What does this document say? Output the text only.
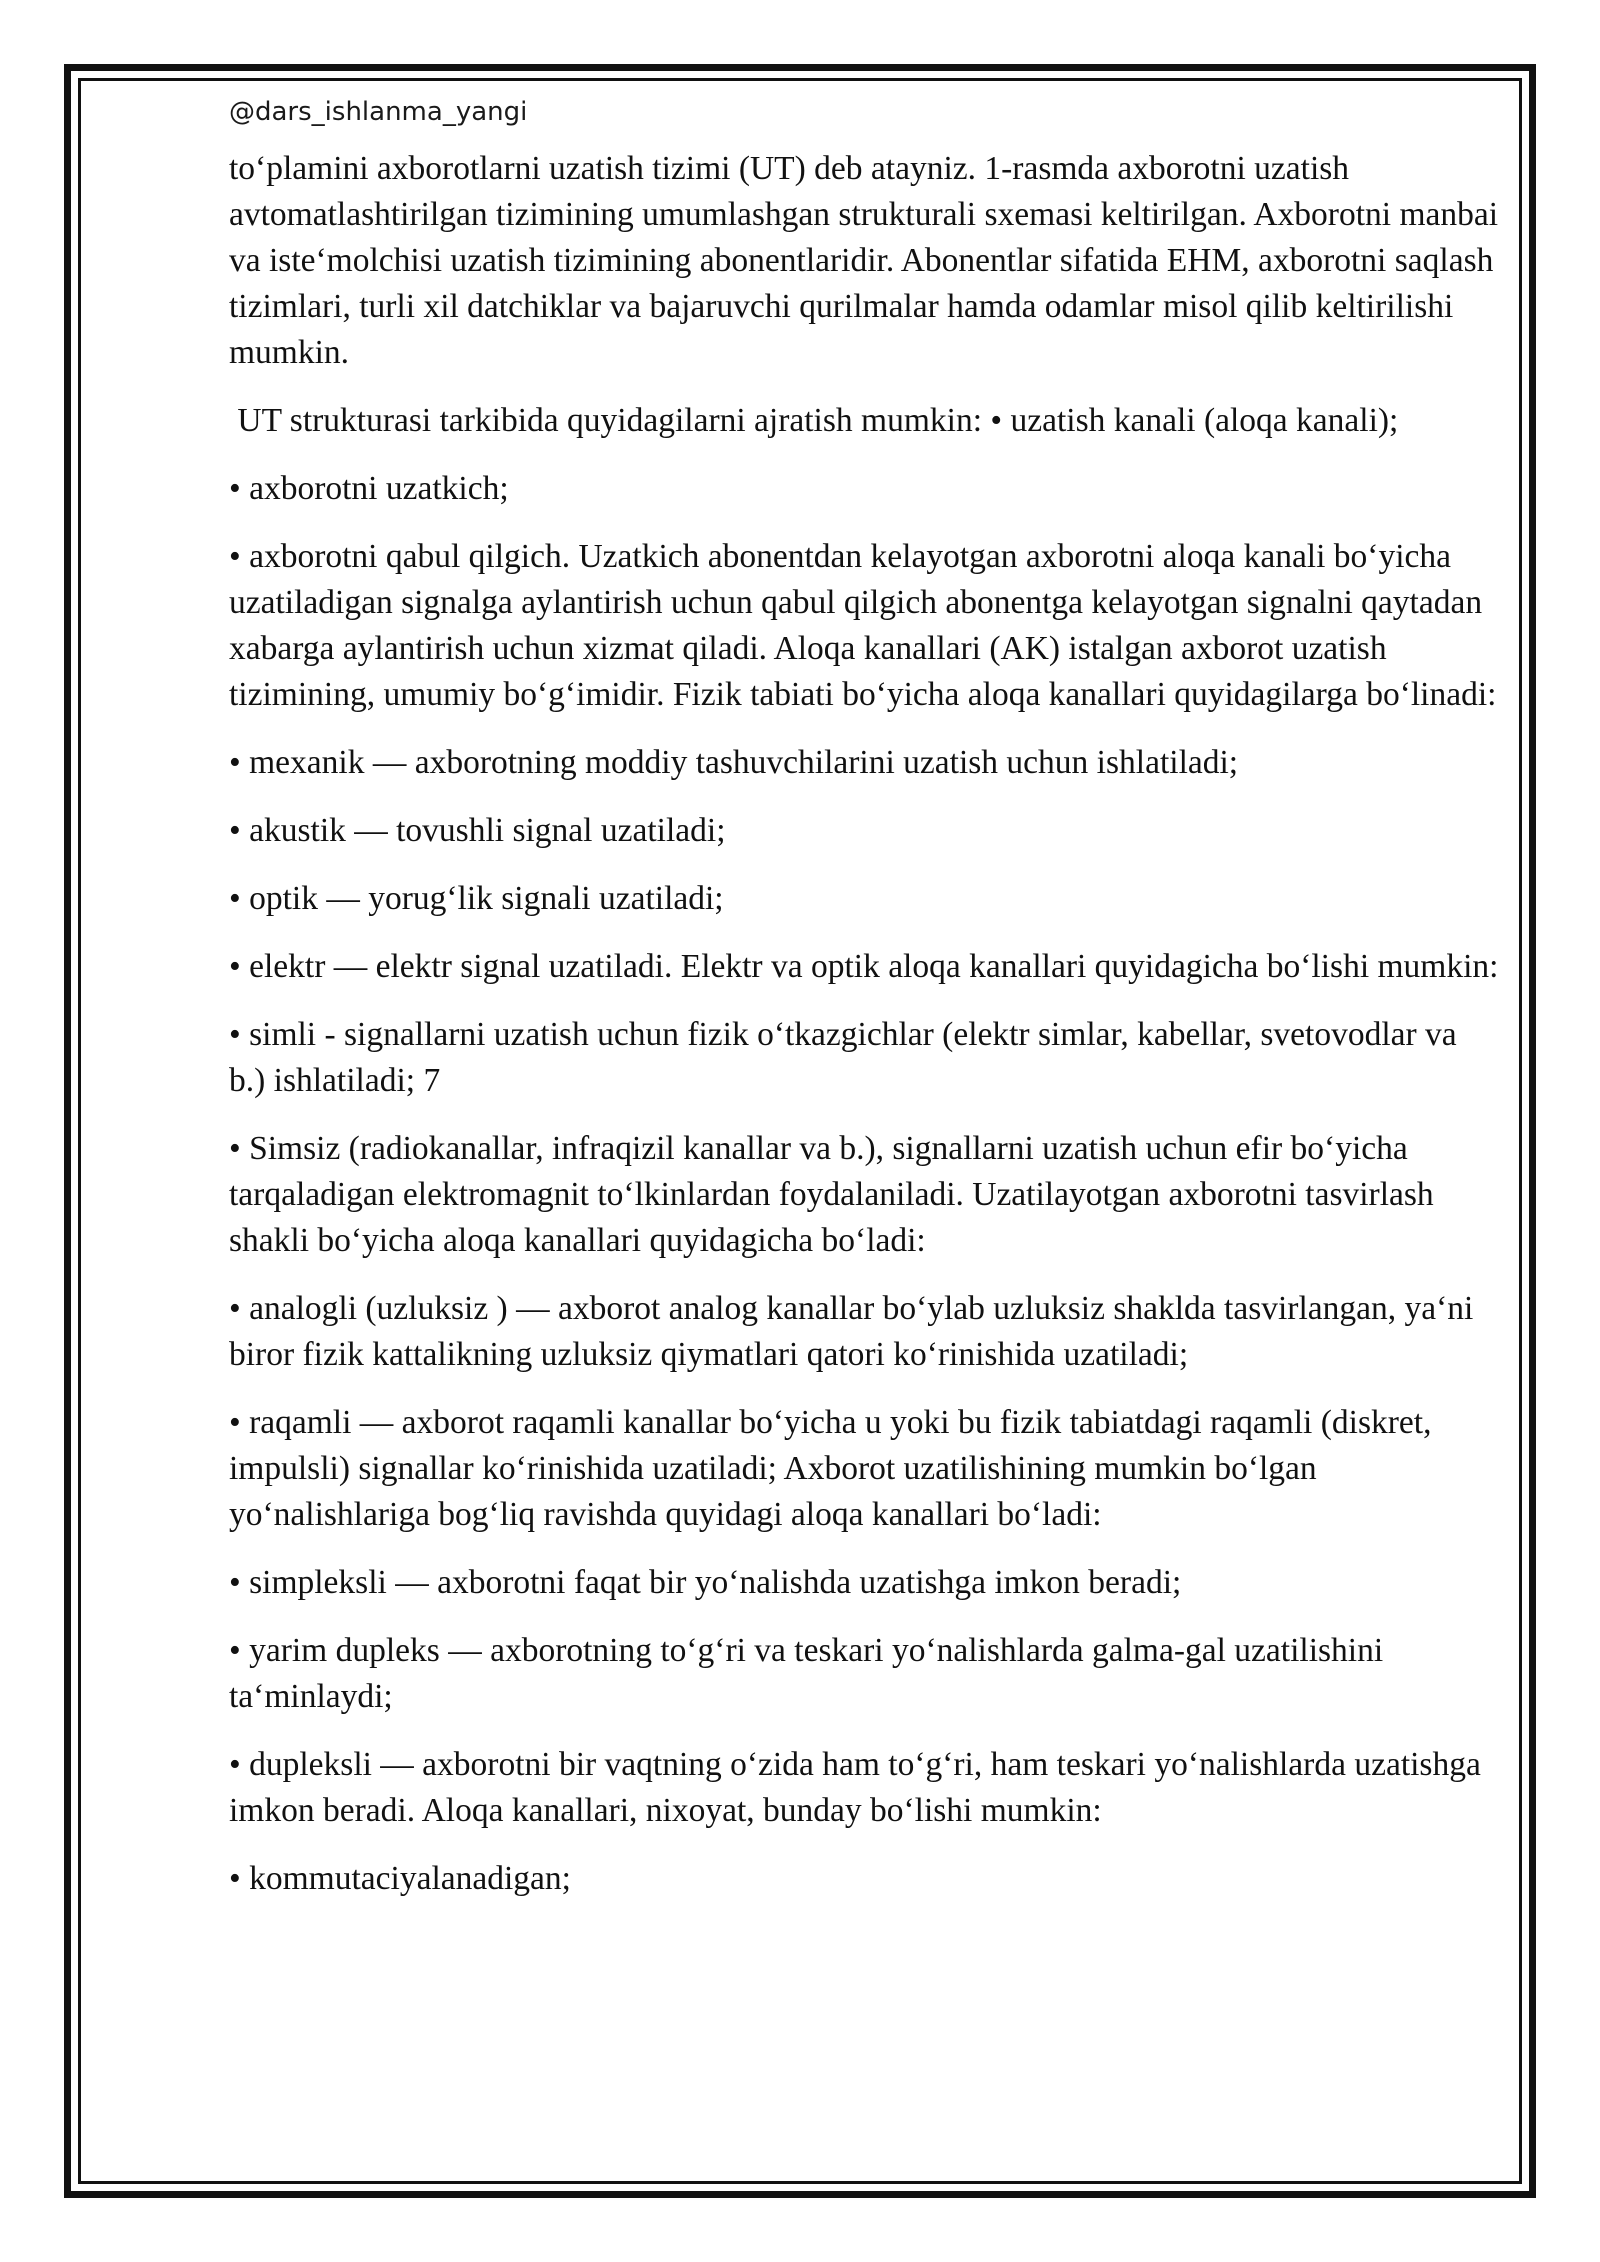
@dars_ishlanma_yangi

to‘plamini axborotlarni uzatish tizimi (UT) deb atayniz. 1-rasmda axborotni uzatish avtomatlashtirilgan tizimining umumlashgan strukturali sxemasi keltirilgan. Axborotni manbai va iste‘molchisi uzatish tizimining abonentlaridir. Abonentlar sifatida EHM, axborotni saqlash tizimlari, turli xil datchiklar va bajaruvchi qurilmalar hamda odamlar misol qilib keltirilishi mumkin.

UT strukturasi tarkibida quyidagilarni ajratish mumkin: • uzatish kanali (aloqa kanali);

• axborotni uzatkich;

• axborotni qabul qilgich. Uzatkich abonentdan kelayotgan axborotni aloqa kanali bo‘yicha uzatiladigan signalga aylantirish uchun qabul qilgich abonentga kelayotgan signalni qaytadan xabarga aylantirish uchun xizmat qiladi. Aloqa kanallari (AK) istalgan axborot uzatish tizimining, umumiy bo‘g‘imidir. Fizik tabiati bo‘yicha aloqa kanallari quyidagilarga bo‘linadi:

• mexanik — axborotning moddiy tashuvchilarini uzatish uchun ishlatiladi;

• akustik — tovushli signal uzatiladi;

• optik — yorug‘lik signali uzatiladi;

• elektr — elektr signal uzatiladi. Elektr va optik aloqa kanallari quyidagicha bo‘lishi mumkin:

• simli - signallarni uzatish uchun fizik o‘tkazgichlar (elektr simlar, kabellar, svetovodlar va b.) ishlatiladi; 7

• Simsiz (radiokanallar, infraqizil kanallar va b.), signallarni uzatish uchun efir bo‘yicha tarqaladigan elektromagnit to‘lkinlardan foydalaniladi. Uzatilayotgan axborotni tasvirlash shakli bo‘yicha aloqa kanallari quyidagicha bo‘ladi:

• analogli (uzluksiz ) — axborot analog kanallar bo‘ylab uzluksiz shaklda tasvirlangan, ya‘ni biror fizik kattalikning uzluksiz qiymatlari qatori ko‘rinishida uzatiladi;

• raqamli — axborot raqamli kanallar bo‘yicha u yoki bu fizik tabiatdagi raqamli (diskret, impulsli) signallar ko‘rinishida uzatiladi; Axborot uzatilishining mumkin bo‘lgan yo‘nalishlariga bog‘liq ravishda quyidagi aloqa kanallari bo‘ladi:

• simpleksli — axborotni faqat bir yo‘nalishda uzatishga imkon beradi;

• yarim dupleks — axborotning to‘g‘ri va teskari yo‘nalishlarda galma-gal uzatilishini ta‘minlaydi;

• dupleksli — axborotni bir vaqtning o‘zida ham to‘g‘ri, ham teskari yo‘nalishlarda uzatishga imkon beradi. Aloqa kanallari, nixoyat, bunday bo‘lishi mumkin:

• kommutaciyalanadigan;
